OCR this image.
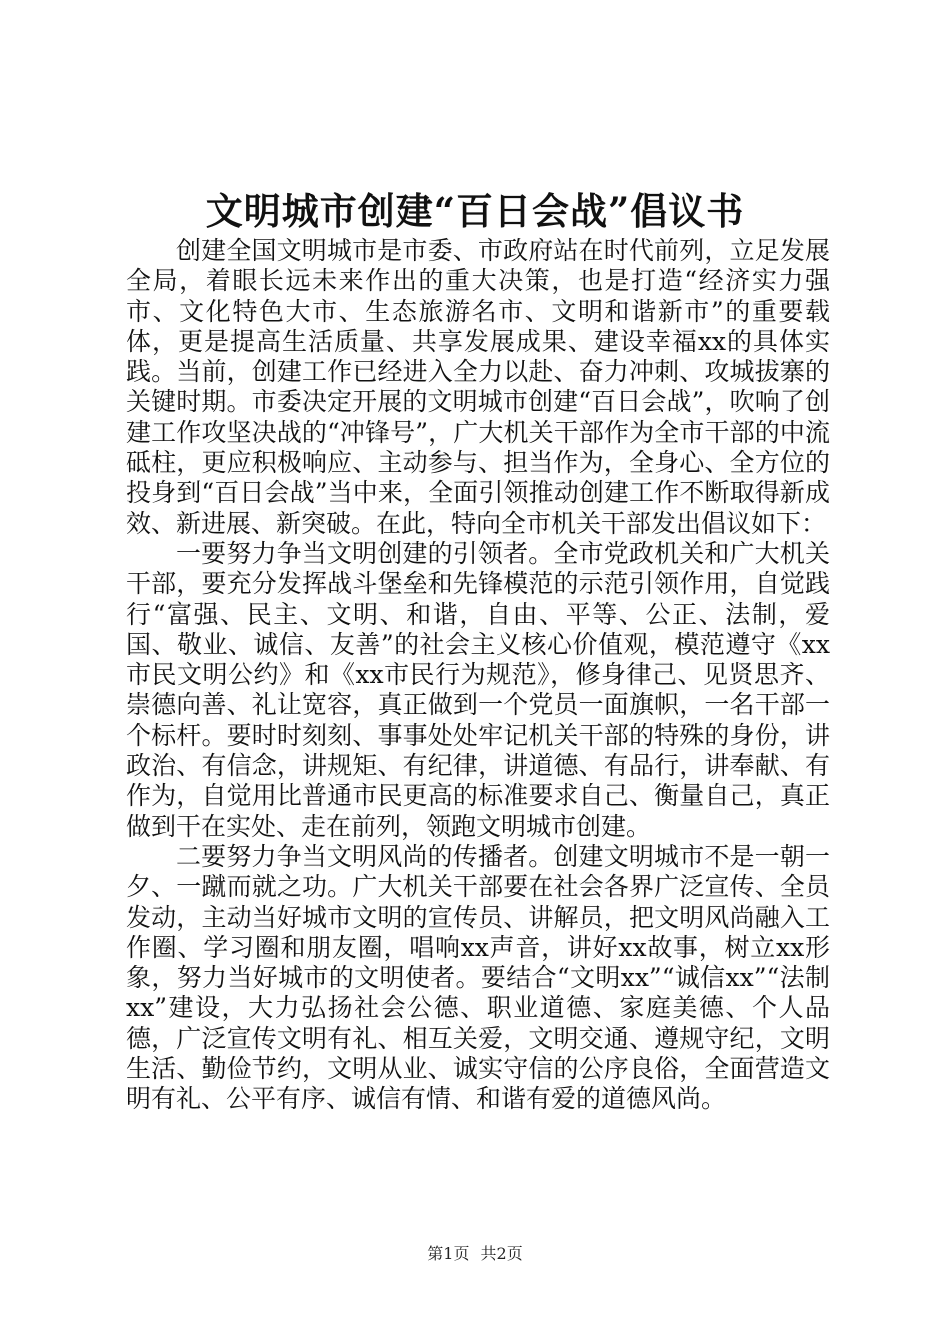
文明城市创建“百日会战”倡议书

创建全国文明城市是市委、市政府站在时代前列，立足发展全局，着眼长远未来作出的重大决策，也是打造“经济实力强市、文化特色大市、生态旅游名市、文明和谐新市”的重要载体，更是提高生活质量、共享发展成果、建设幸福xx的具体实践。当前，创建工作已经进入全力以赴、奋力冲刺、攻城拔寨的关键时期。市委决定开展的文明城市创建“百日会战”，吹响了创建工作攻坚决战的“冲锋号”，广大机关干部作为全市干部的中流砥柱，更应积极响应、主动参与、担当作为，全身心、全方位的投身到“百日会战”当中来，全面引领推动创建工作不断取得新成效、新进展、新突破。在此，特向全市机关干部发出倡议如下：

一要努力争当文明创建的引领者。全市党政机关和广大机关干部，要充分发挥战斗堡垒和先锋模范的示范引领作用，自觉践行“富强、民主、文明、和谐，自由、平等、公正、法制，爱国、敬业、诚信、友善”的社会主义核心价值观，模范遵守《xx市民文明公约》和《xx市民行为规范》，修身律己、见贤思齐、崇德向善、礼让宽容，真正做到一个党员一面旗帜，一名干部一个标杆。要时时刻刻、事事处处牢记机关干部的特殊的身份，讲政治、有信念，讲规矩、有纪律，讲道德、有品行，讲奉献、有作为，自觉用比普通市民更高的标准要求自己、衡量自己，真正做到干在实处、走在前列，领跑文明城市创建。

二要努力争当文明风尚的传播者。创建文明城市不是一朝一夕、一蹴而就之功。广大机关干部要在社会各界广泛宣传、全员发动，主动当好城市文明的宣传员、讲解员，把文明风尚融入工作圈、学习圈和朋友圈，唱响xx声音，讲好xx故事，树立xx形象，努力当好城市的文明使者。要结合“文明xx”“诚信xx”“法制xx”建设，大力弘扬社会公德、职业道德、家庭美德、个人品德，广泛宣传文明有礼、相互关爱，文明交通、遵规守纪，文明生活、勤俭节约，文明从业、诚实守信的公序良俗，全面营造文明有礼、公平有序、诚信有情、和谐有爱的道德风尚。

第1页 共2页
